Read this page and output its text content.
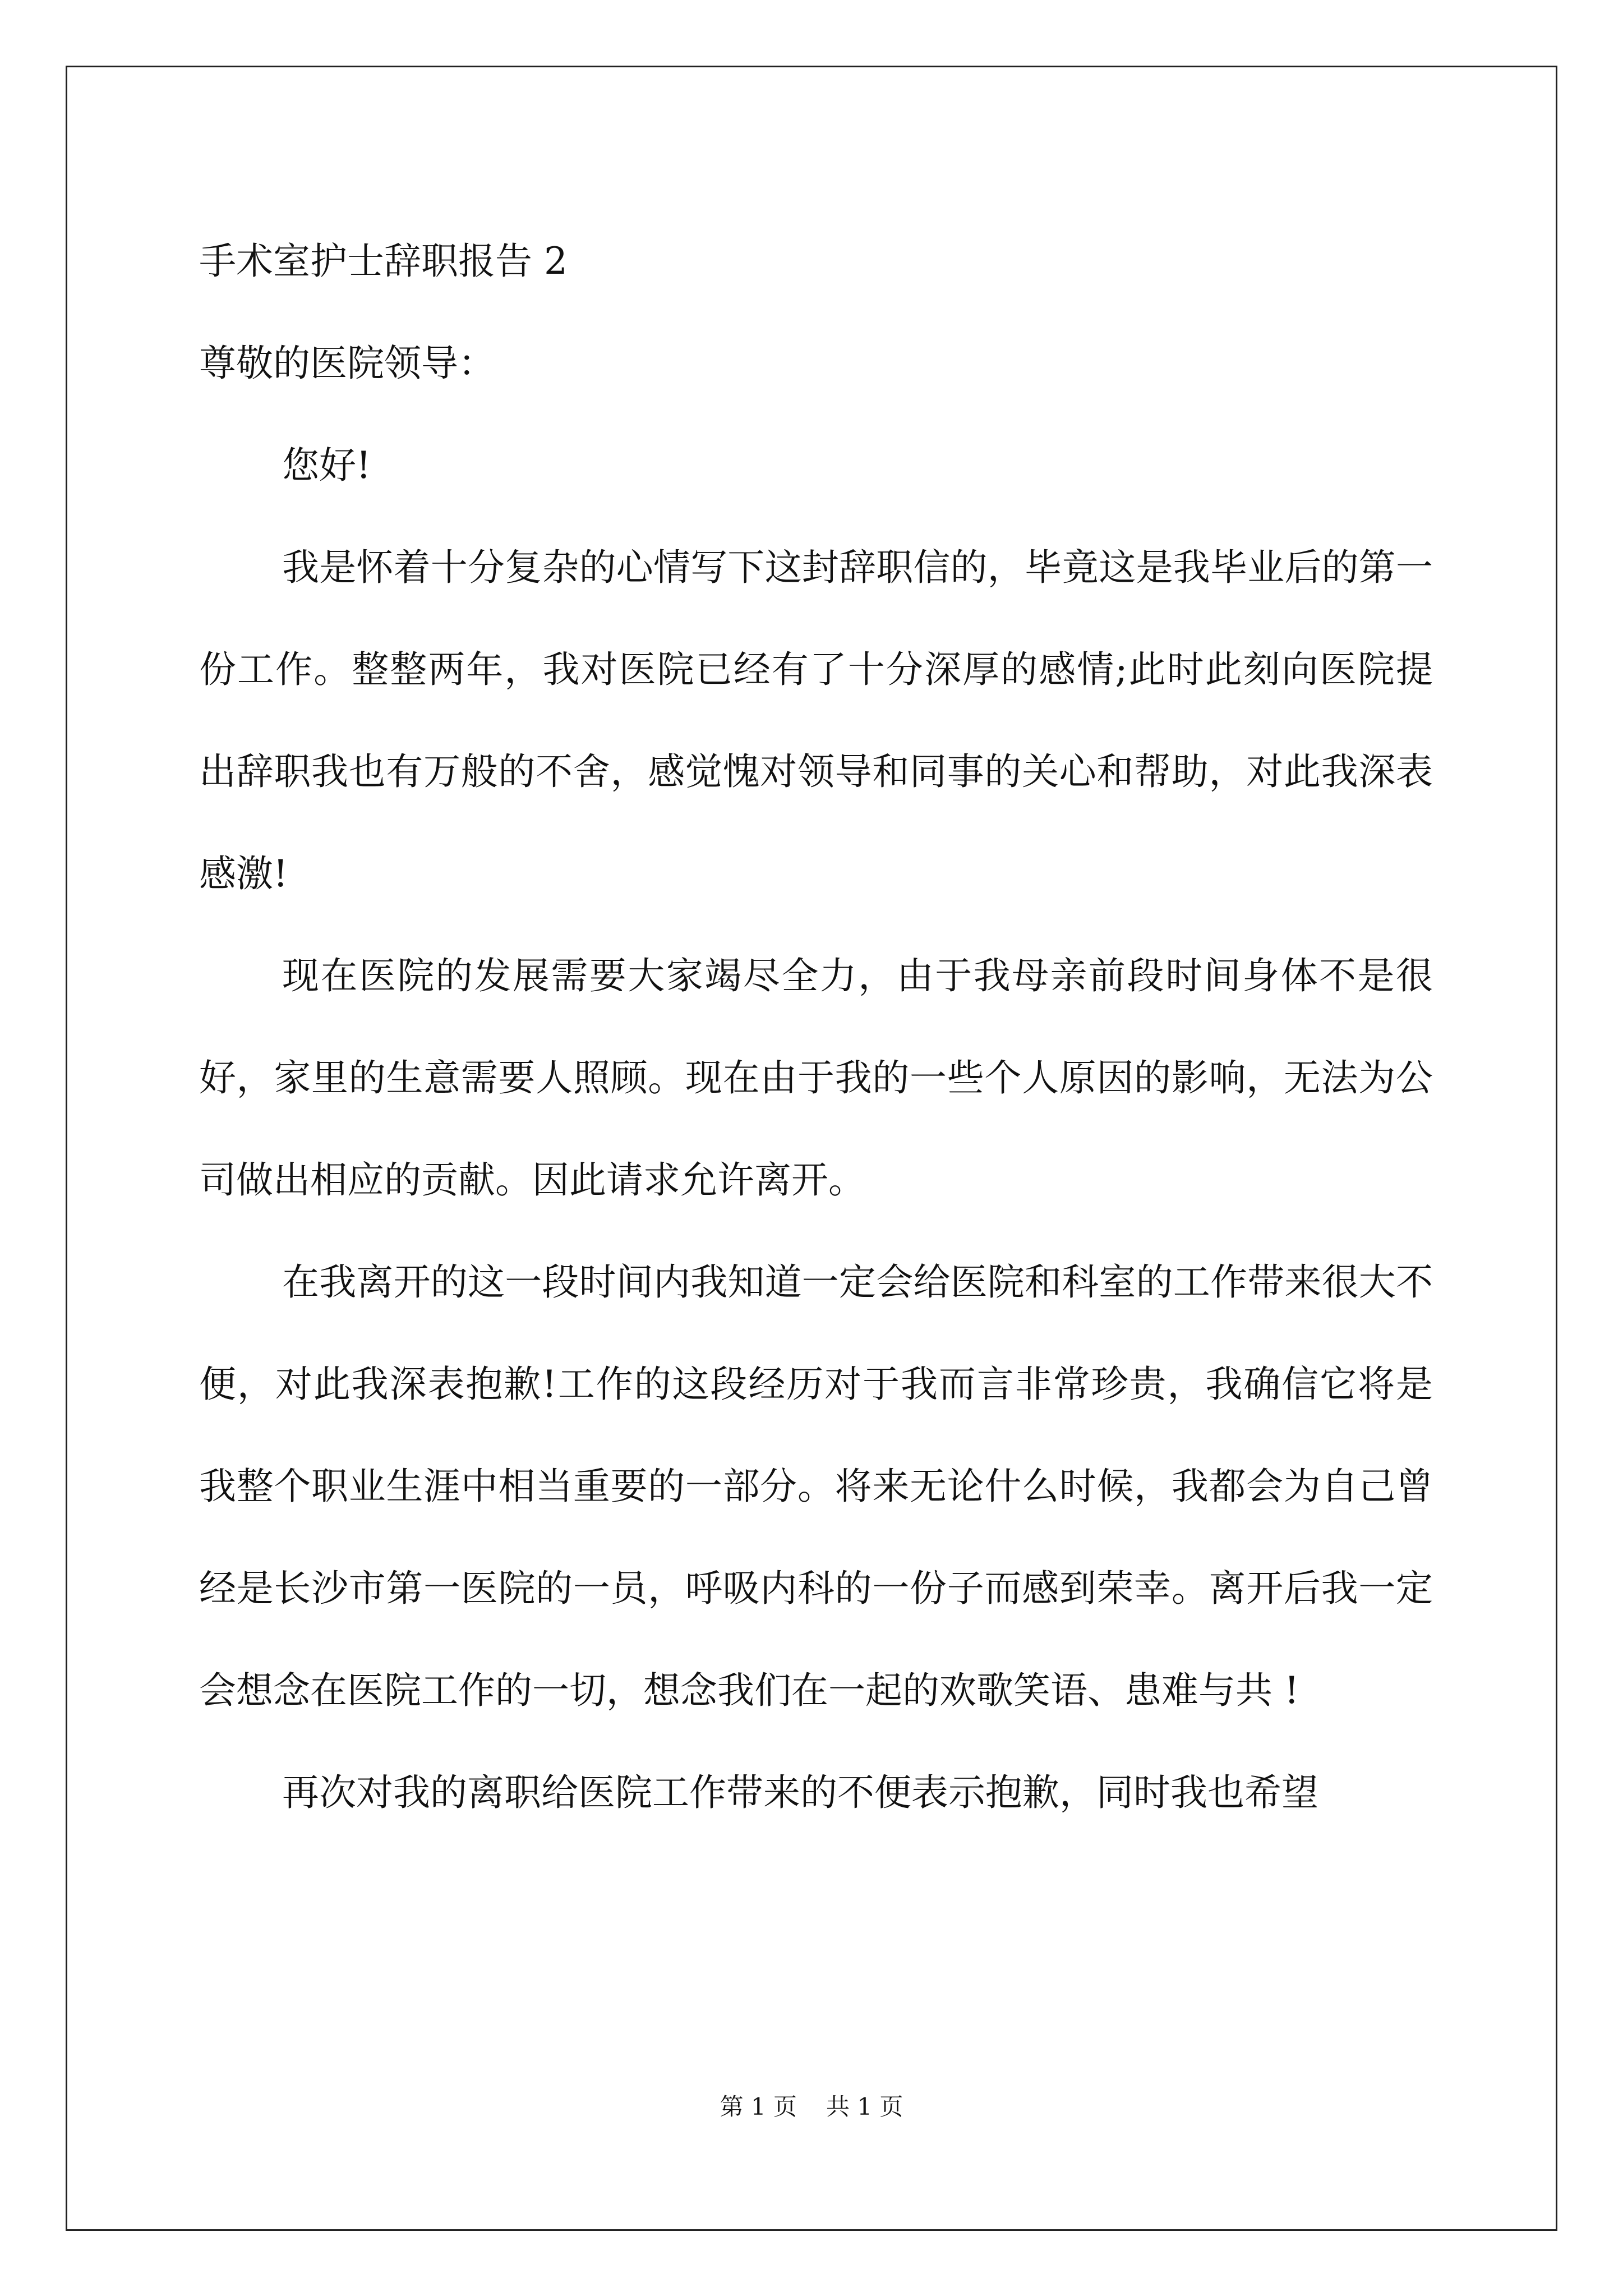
手术室护士辞职报告 2

尊敬的医院领导：

您好!

我是怀着十分复杂的心情写下这封辞职信的，毕竟这是我毕业后的第一份工作。整整两年，我对医院已经有了十分深厚的感情;此时此刻向医院提出辞职我也有万般的不舍，感觉愧对领导和同事的关心和帮助，对此我深表感激!

现在医院的发展需要大家竭尽全力，由于我母亲前段时间身体不是很好，家里的生意需要人照顾。现在由于我的一些个人原因的影响，无法为公司做出相应的贡献。因此请求允许离开。

在我离开的这一段时间内我知道一定会给医院和科室的工作带来很大不便，对此我深表抱歉!工作的这段经历对于我而言非常珍贵，我确信它将是我整个职业生涯中相当重要的一部分。将来无论什么时候，我都会为自己曾经是长沙市第一医院的一员，呼吸内科的一份子而感到荣幸。离开后我一定会想念在医院工作的一切，想念我们在一起的欢歌笑语、患难与共 !

再次对我的离职给医院工作带来的不便表示抱歉，同时我也希望

第 1 页 共 1 页
